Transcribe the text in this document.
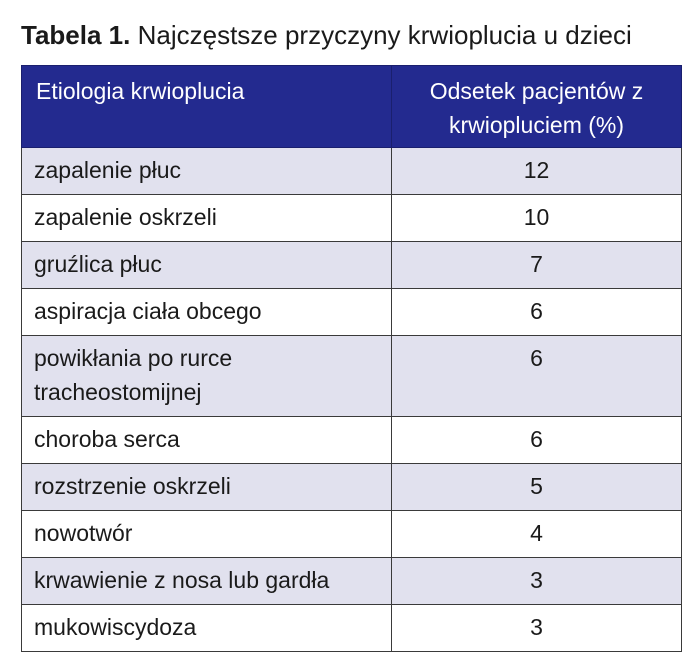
Tabela 1. Najczęstsze przyczyny krwioplucia u dzieci
Etiologia krwioplucia	Odsetek pacjentów z krwiopluciem (%)
zapalenie płuc	12
zapalenie oskrzeli	10
gruźlica płuc	7
aspiracja ciała obcego	6
powikłania po rurce tracheostomijnej	6
choroba serca	6
rozstrzenie oskrzeli	5
nowotwór	4
krwawienie z nosa lub gardła	3
mukowiscydoza	3
